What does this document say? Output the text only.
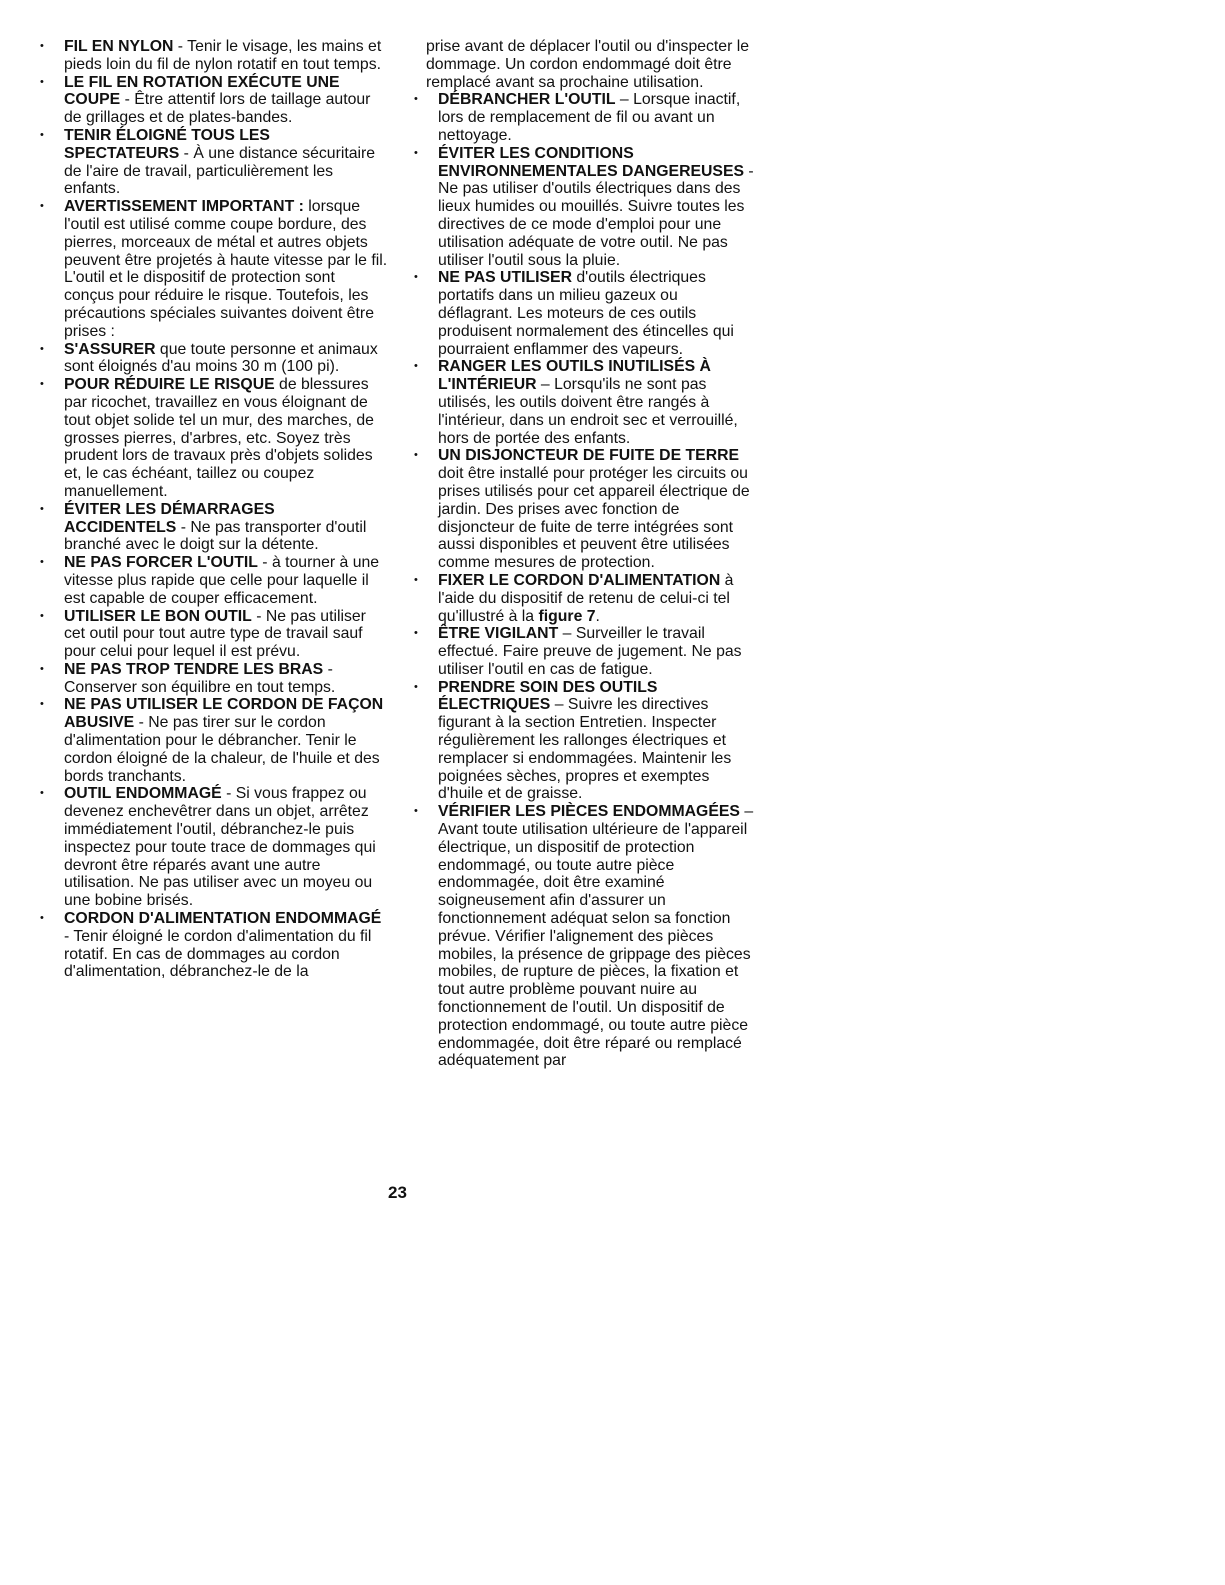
• FIL EN NYLON - Tenir le visage, les mains et pieds loin du fil de nylon rotatif en tout temps.

• LE FIL EN ROTATION EXÉCUTE UNE COUPE - Être attentif lors de taillage autour de grillages et de plates-bandes.

• TENIR ÉLOIGNÉ TOUS LES SPECTATEURS - À une distance sécuritaire de l'aire de travail, particulièrement les enfants.

• AVERTISSEMENT IMPORTANT : lorsque l'outil est utilisé comme coupe bordure, des pierres, morceaux de métal et autres objets peuvent être projetés à haute vitesse par le fil. L'outil et le dispositif de protection sont conçus pour réduire le risque. Toutefois, les précautions spéciales suivantes doivent être prises :

• S'ASSURER que toute personne et animaux sont éloignés d'au moins 30 m (100 pi).

• POUR RÉDUIRE LE RISQUE de blessures par ricochet, travaillez en vous éloignant de tout objet solide tel un mur, des marches, de grosses pierres, d'arbres, etc. Soyez très prudent lors de travaux près d'objets solides et, le cas échéant, taillez ou coupez manuellement.

• ÉVITER LES DÉMARRAGES ACCIDENTELS - Ne pas transporter d'outil branché avec le doigt sur la détente.

• NE PAS FORCER L'OUTIL - à tourner à une vitesse plus rapide que celle pour laquelle il est capable de couper efficacement.

• UTILISER LE BON OUTIL - Ne pas utiliser cet outil pour tout autre type de travail sauf pour celui pour lequel il est prévu.

• NE PAS TROP TENDRE LES BRAS - Conserver son équilibre en tout temps.

• NE PAS UTILISER LE CORDON DE FAÇON ABUSIVE - Ne pas tirer sur le cordon d'alimentation pour le débrancher. Tenir le cordon éloigné de la chaleur, de l'huile et des bords tranchants.

• OUTIL ENDOMMAGÉ - Si vous frappez ou devenez enchevêtrer dans un objet, arrêtez immédiatement l'outil, débranchez-le puis inspectez pour toute trace de dommages qui devront être réparés avant une autre utilisation. Ne pas utiliser avec un moyeu ou une bobine brisés.

• CORDON D'ALIMENTATION ENDOMMAGÉ - Tenir éloigné le cordon d'alimentation du fil rotatif. En cas de dommages au cordon d'alimentation, débranchez-le de la

prise avant de déplacer l'outil ou d'inspecter le dommage. Un cordon endommagé doit être remplacé avant sa prochaine utilisation.

• DÉBRANCHER L'OUTIL – Lorsque inactif, lors de remplacement de fil ou avant un nettoyage.

• ÉVITER LES CONDITIONS ENVIRONNEMENTALES DANGEREUSES - Ne pas utiliser d'outils électriques dans des lieux humides ou mouillés. Suivre toutes les directives de ce mode d'emploi pour une utilisation adéquate de votre outil. Ne pas utiliser l'outil sous la pluie.

• NE PAS UTILISER d'outils électriques portatifs dans un milieu gazeux ou déflagrant. Les moteurs de ces outils produisent normalement des étincelles qui pourraient enflammer des vapeurs.

• RANGER LES OUTILS INUTILISÉS À L'INTÉRIEUR – Lorsqu'ils ne sont pas utilisés, les outils doivent être rangés à l'intérieur, dans un endroit sec et verrouillé, hors de portée des enfants.

• UN DISJONCTEUR DE FUITE DE TERRE doit être installé pour protéger les circuits ou prises utilisés pour cet appareil électrique de jardin. Des prises avec fonction de disjoncteur de fuite de terre intégrées sont aussi disponibles et peuvent être utilisées comme mesures de protection.

• FIXER LE CORDON D'ALIMENTATION à l'aide du dispositif de retenu de celui-ci tel qu'illustré à la figure 7.

• ÊTRE VIGILANT – Surveiller le travail effectué. Faire preuve de jugement. Ne pas utiliser l'outil en cas de fatigue.

• PRENDRE SOIN DES OUTILS ÉLECTRIQUES – Suivre les directives figurant à la section Entretien. Inspecter régulièrement les rallonges électriques et remplacer si endommagées. Maintenir les poignées sèches, propres et exemptes d'huile et de graisse.

• VÉRIFIER LES PIÈCES ENDOMMAGÉES – Avant toute utilisation ultérieure de l'appareil électrique, un dispositif de protection endommagé, ou toute autre pièce endommagée, doit être examiné soigneusement afin d'assurer un fonctionnement adéquat selon sa fonction prévue. Vérifier l'alignement des pièces mobiles, la présence de grippage des pièces mobiles, de rupture de pièces, la fixation et tout autre problème pouvant nuire au fonctionnement de l'outil. Un dispositif de protection endommagé, ou toute autre pièce endommagée, doit être réparé ou remplacé adéquatement par

23
